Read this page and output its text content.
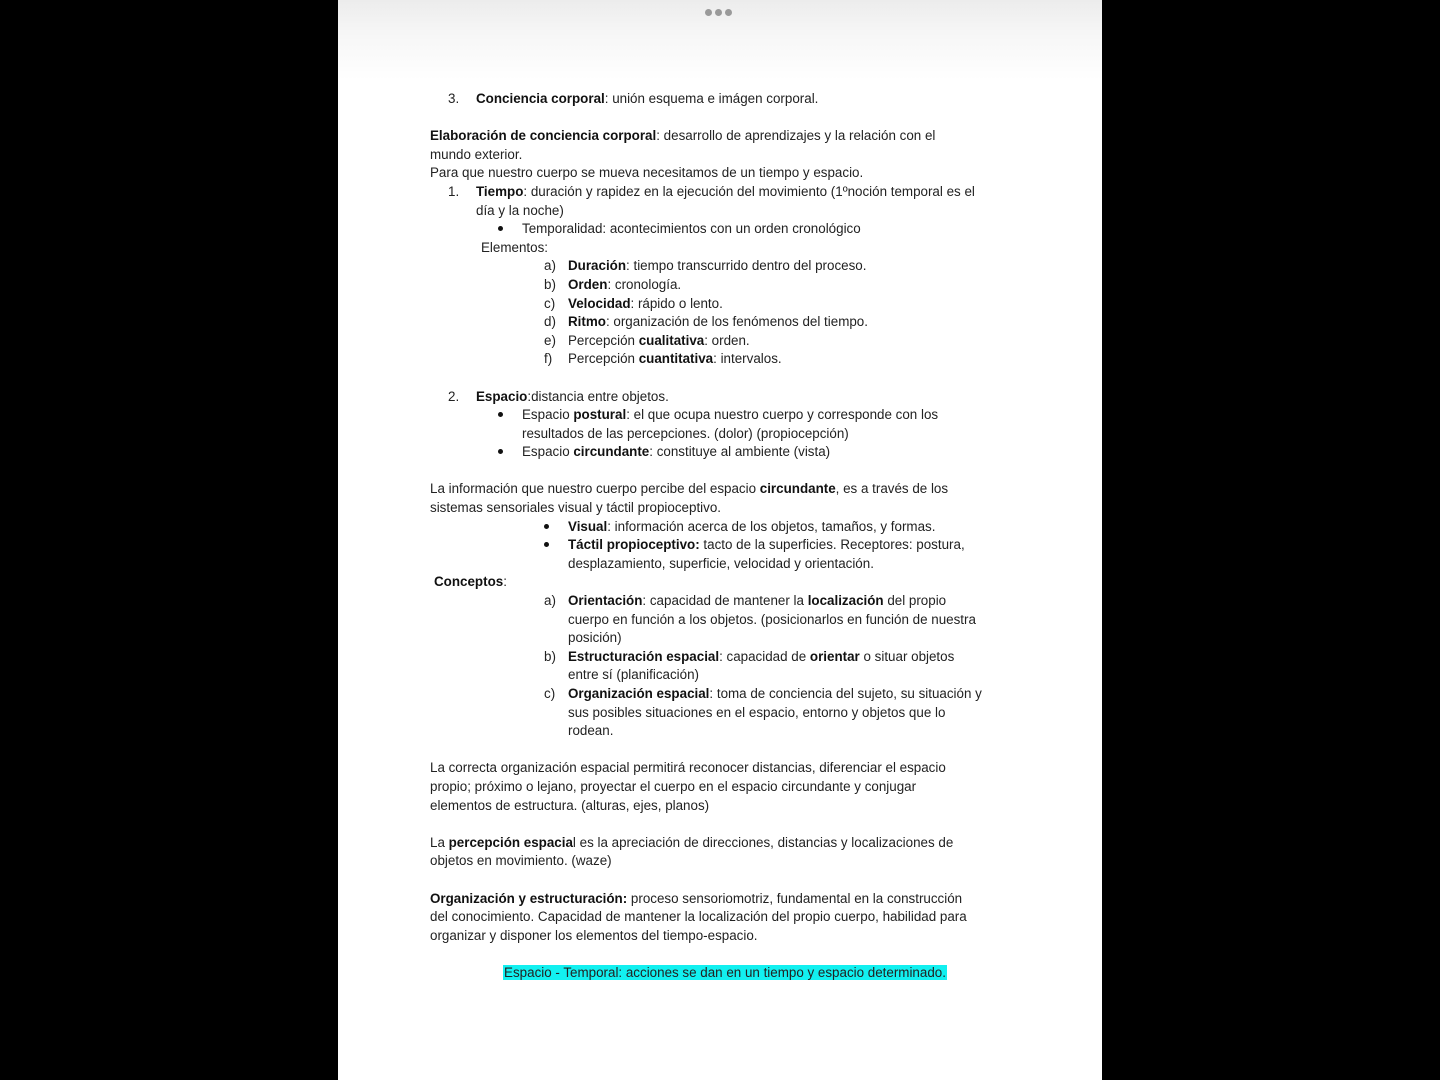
3.	Conciencia corporal: unión esquema e imágen corporal.

Elaboración de conciencia corporal: desarrollo de aprendizajes y la relación con el

mundo exterior.

Para que nuestro cuerpo se mueva necesitamos de un tiempo y espacio.

1.	Tiempo: duración y rapidez en la ejecución del movimiento (1ºnoción temporal es el
día y la noche)
Temporalidad: acontecimientos con un orden cronológico
Elementos:
a) Duración: tiempo transcurrido dentro del proceso.
b) Orden: cronología.
c) Velocidad: rápido o lento.
d) Ritmo: organización de los fenómenos del tiempo.
e) Percepción cualitativa: orden.
f)	Percepción cuantitativa: intervalos.
2.	Espacio:distancia entre objetos.
Espacio postural: el que ocupa nuestro cuerpo y corresponde con los
resultados de las percepciones. (dolor) (propiocepción)
Espacio circundante: constituye al ambiente (vista)

La información que nuestro cuerpo percibe del espacio circundante, es a través de los

sistemas sensoriales visual y táctil propioceptivo.

Visual: información acerca de los objetos, tamaños, y formas.
Táctil propioceptivo: tacto de la superficies. Receptores: postura,
desplazamiento, superficie, velocidad y orientación.
Conceptos:
a) Orientación: capacidad de mantener la localización del propio
cuerpo en función a los objetos. (posicionarlos en función de nuestra
posición)
b) Estructuración espacial: capacidad de orientar o situar objetos
entre sí (planificación)
c) Organización espacial: toma de conciencia del sujeto, su situación y
sus posibles situaciones en el espacio, entorno y objetos que lo
rodean.

La correcta organización espacial permitirá reconocer distancias, diferenciar el espacio

propio; próximo o lejano, proyectar el cuerpo en el espacio circundante y conjugar

elementos de estructura. (alturas, ejes, planos)

La percepción espacial es la apreciación de direcciones, distancias y localizaciones de

objetos en movimiento. (waze)

Organización y estructuración: proceso sensoriomotriz, fundamental en la construcción

del conocimiento. Capacidad de mantener la localización del propio cuerpo, habilidad para

organizar y disponer los elementos del tiempo-espacio.

Espacio - Temporal: acciones se dan en un tiempo y espacio determinado.
